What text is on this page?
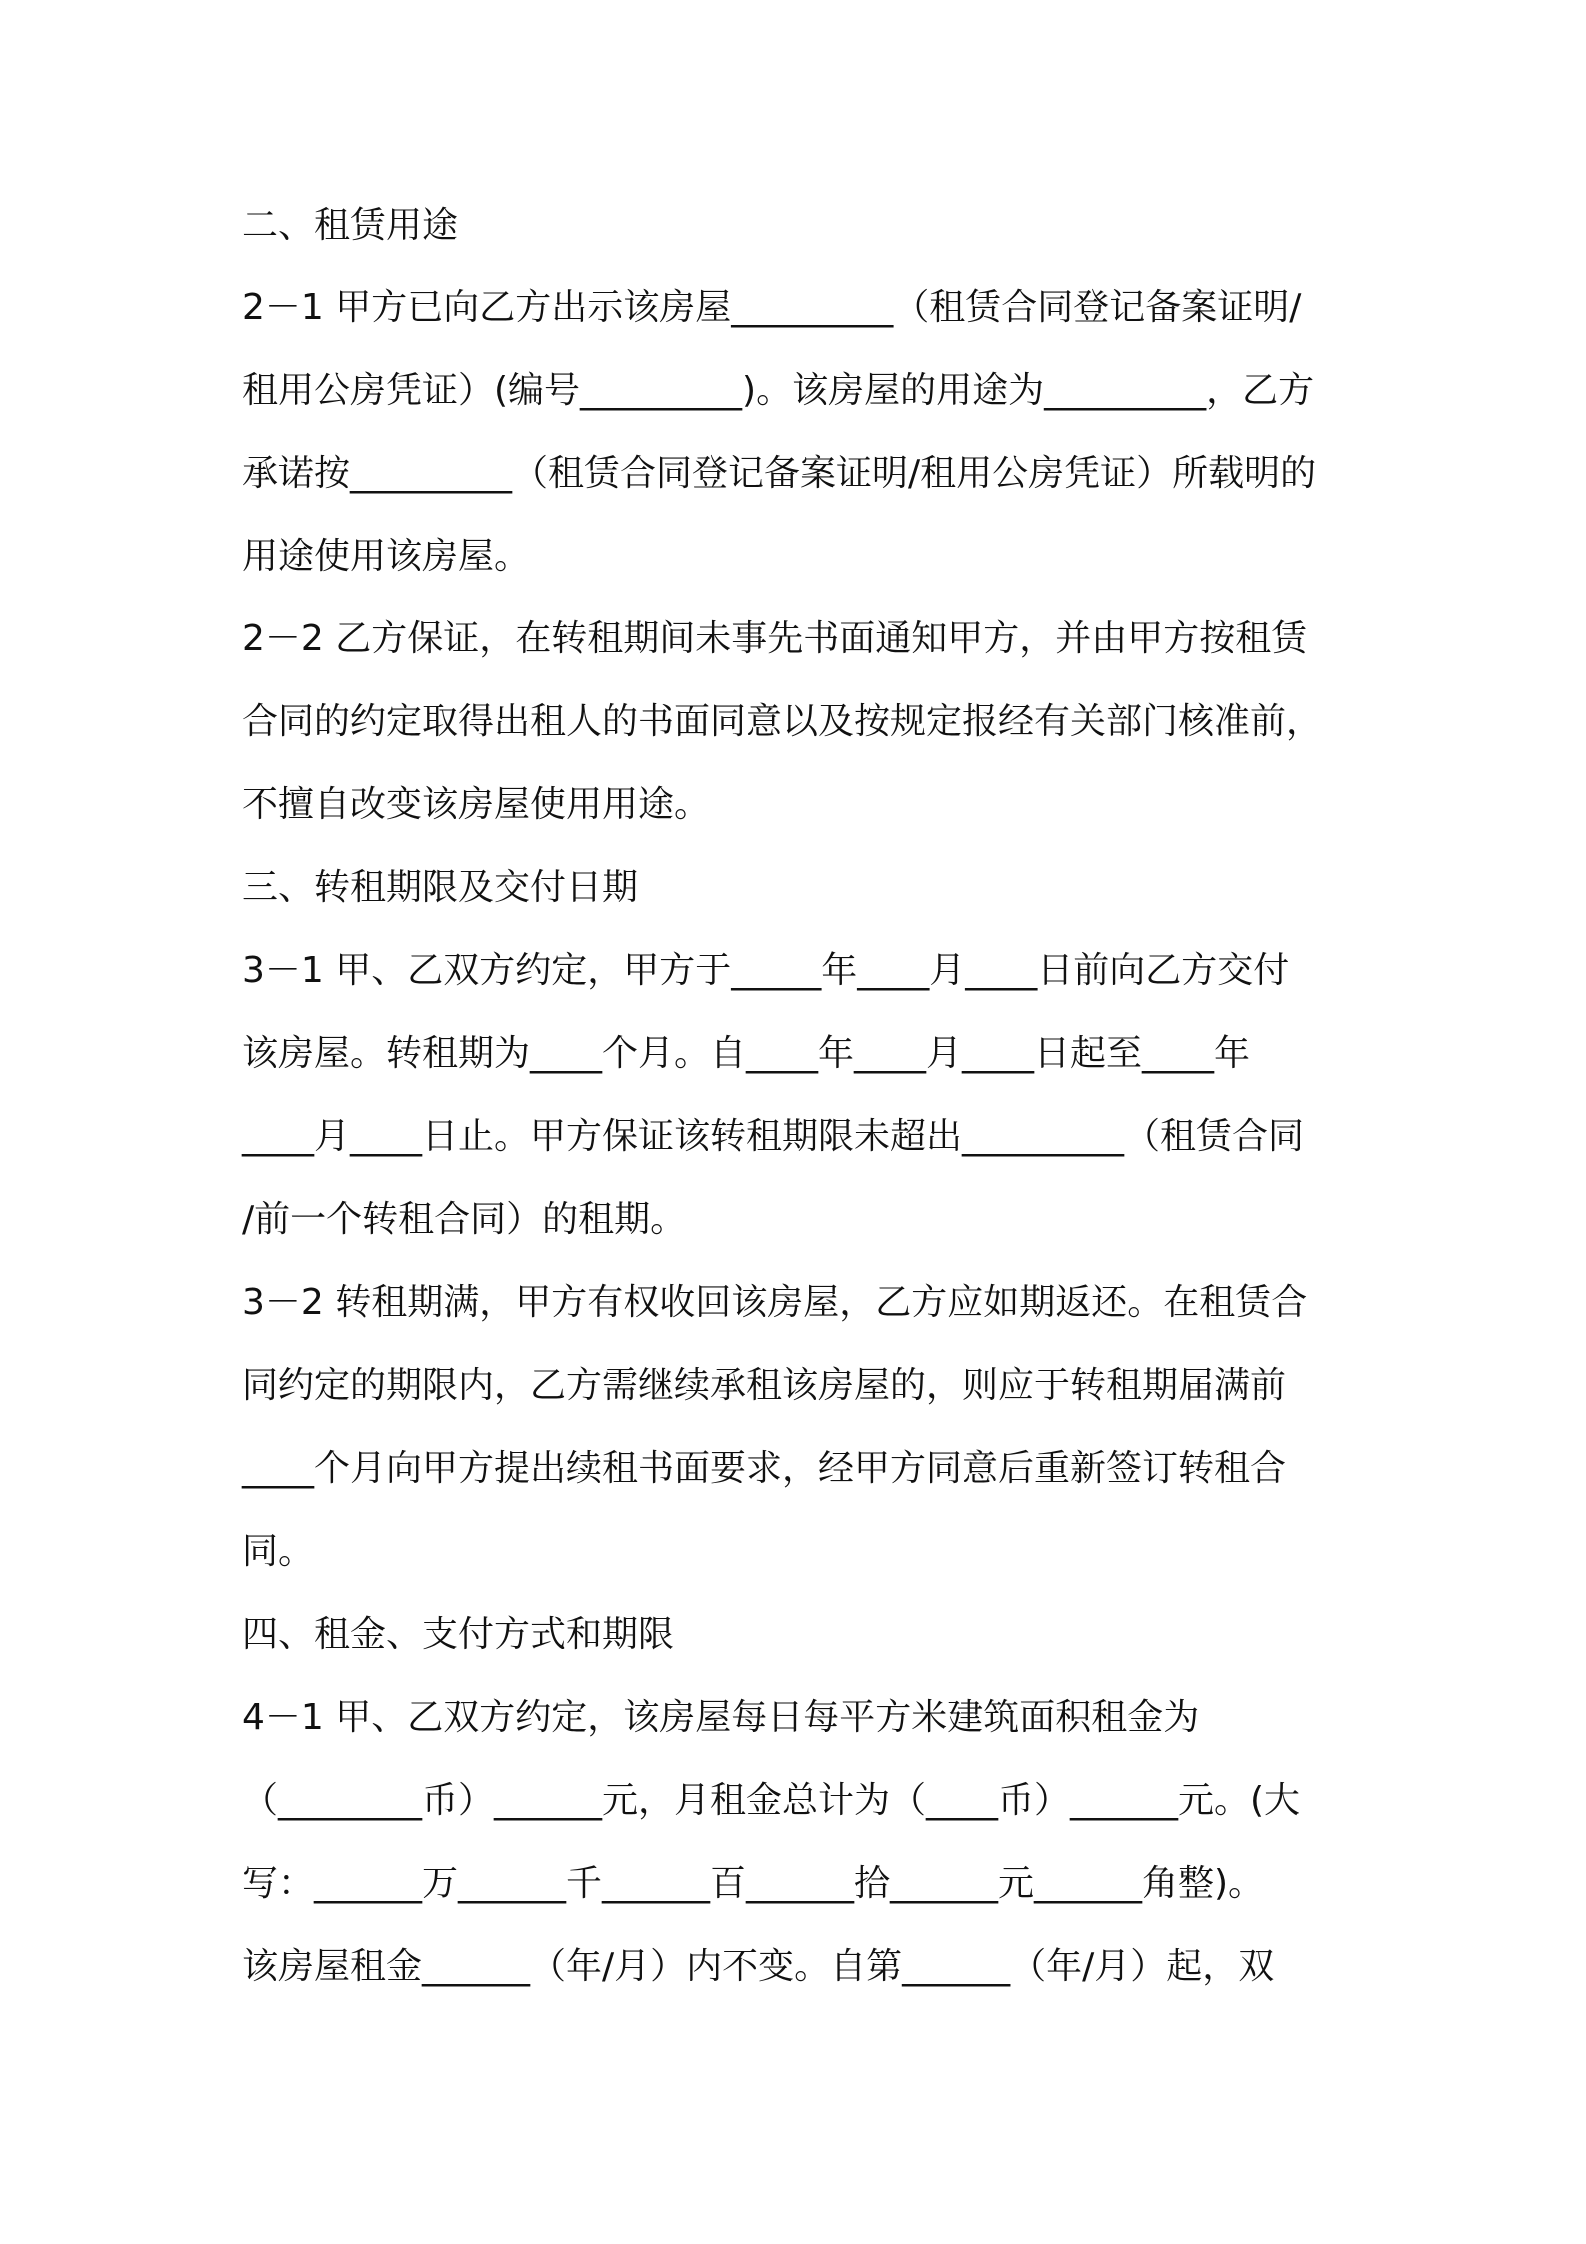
二、租赁用途
2－1 甲方已向乙方出示该房屋_________（租赁合同登记备案证明/
租用公房凭证）(编号_________)。该房屋的用途为_________，乙方
承诺按_________（租赁合同登记备案证明/租用公房凭证）所载明的
用途使用该房屋。
2－2 乙方保证，在转租期间未事先书面通知甲方，并由甲方按租赁
合同的约定取得出租人的书面同意以及按规定报经有关部门核准前，
不擅自改变该房屋使用用途。
三、转租期限及交付日期
3－1 甲、乙双方约定，甲方于_____年____月____日前向乙方交付
该房屋。转租期为____个月。自____年____月____日起至____年
____月____日止。甲方保证该转租期限未超出_________（租赁合同
/前一个转租合同）的租期。
3－2 转租期满，甲方有权收回该房屋，乙方应如期返还。在租赁合
同约定的期限内，乙方需继续承租该房屋的，则应于转租期届满前
____个月向甲方提出续租书面要求，经甲方同意后重新签订转租合
同。
四、租金、支付方式和期限
4－1 甲、乙双方约定，该房屋每日每平方米建筑面积租金为
（________币）______元，月租金总计为（____币）______元。(大
写：______万______千______百______拾______元______角整)。
该房屋租金______（年/月）内不变。自第______（年/月）起，双
